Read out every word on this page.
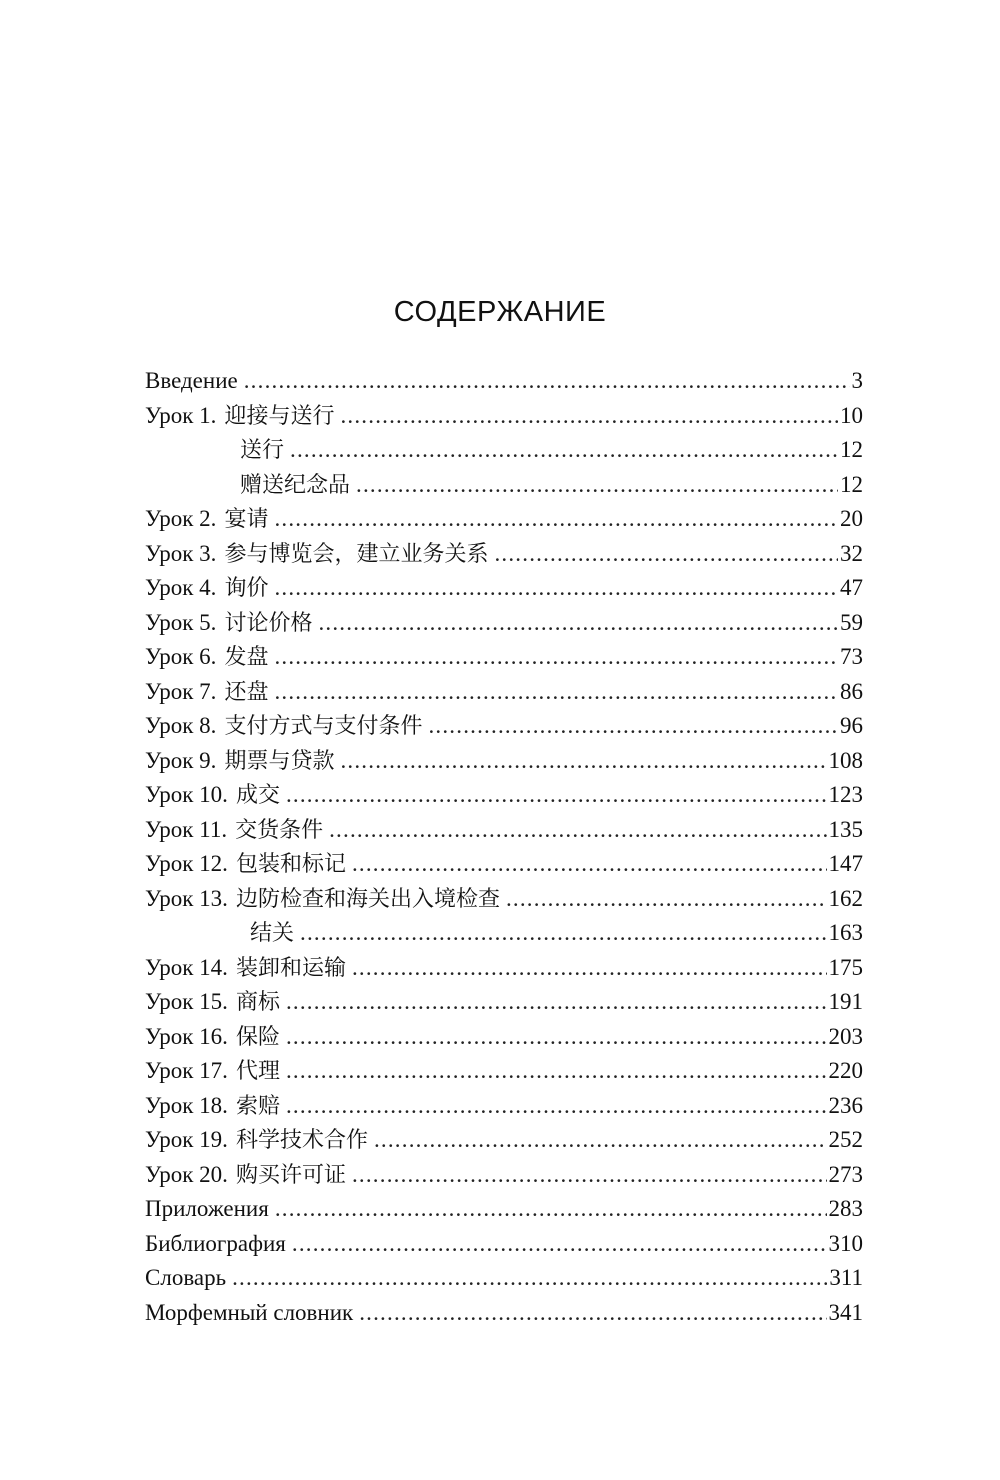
СОДЕРЖАНИЕ
Введение .....	3
Урок 1. 迎接与送行 .....	10
送行 .....	12
赠送纪念品 .....	12
Урок 2. 宴请 .....	20
Урок 3. 参与博览会，建立业务关系 .....	32
Урок 4. 询价 .....	47
Урок 5. 讨论价格 .....	59
Урок 6. 发盘 .....	73
Урок 7. 还盘 .....	86
Урок 8. 支付方式与支付条件 .....	96
Урок 9. 期票与贷款 .....	108
Урок 10. 成交 .....	123
Урок 11. 交货条件 .....	135
Урок 12. 包装和标记 .....	147
Урок 13. 边防检查和海关出入境检查 .....	162
结关 .....	163
Урок 14. 装卸和运输 .....	175
Урок 15. 商标 .....	191
Урок 16. 保险 .....	203
Урок 17. 代理 .....	220
Урок 18. 索赔 .....	236
Урок 19. 科学技术合作 .....	252
Урок 20. 购买许可证 .....	273
Приложения .....	283
Библиография .....	310
Словарь .....	311
Морфемный словник .....	341
